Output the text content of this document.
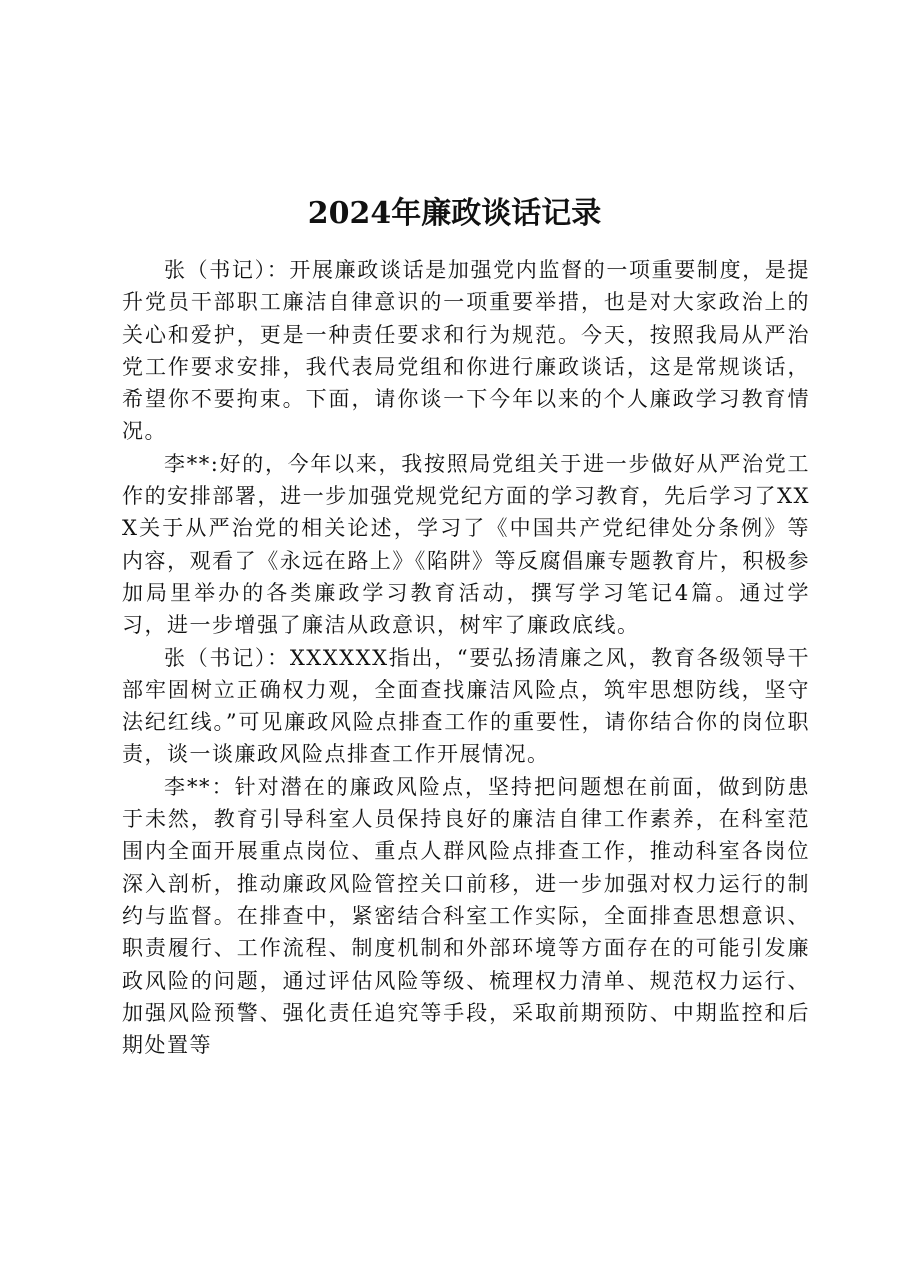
2024年廉政谈话记录

张（书记）：开展廉政谈话是加强党内监督的一项重要制度，是提升党员干部职工廉洁自律意识的一项重要举措，也是对大家政治上的关心和爱护，更是一种责任要求和行为规范。今天，按照我局从严治党工作要求安排，我代表局党组和你进行廉政谈话，这是常规谈话，希望你不要拘束。下面，请你谈一下今年以来的个人廉政学习教育情况。

李**:好的，今年以来，我按照局党组关于进一步做好从严治党工作的安排部署，进一步加强党规党纪方面的学习教育，先后学习了XXX关于从严治党的相关论述，学习了《中国共产党纪律处分条例》等内容，观看了《永远在路上》《陷阱》等反腐倡廉专题教育片，积极参加局里举办的各类廉政学习教育活动，撰写学习笔记4篇。通过学习，进一步增强了廉洁从政意识，树牢了廉政底线。

张（书记）：XXXXXX指出，“要弘扬清廉之风，教育各级领导干部牢固树立正确权力观，全面查找廉洁风险点，筑牢思想防线，坚守法纪红线。”可见廉政风险点排查工作的重要性，请你结合你的岗位职责，谈一谈廉政风险点排查工作开展情况。

李**：针对潜在的廉政风险点，坚持把问题想在前面，做到防患于未然，教育引导科室人员保持良好的廉洁自律工作素养，在科室范围内全面开展重点岗位、重点人群风险点排查工作，推动科室各岗位深入剖析，推动廉政风险管控关口前移，进一步加强对权力运行的制约与监督。在排查中，紧密结合科室工作实际，全面排查思想意识、职责履行、工作流程、制度机制和外部环境等方面存在的可能引发廉政风险的问题，通过评估风险等级、梳理权力清单、规范权力运行、加强风险预警、强化责任追究等手段，采取前期预防、中期监控和后期处置等
